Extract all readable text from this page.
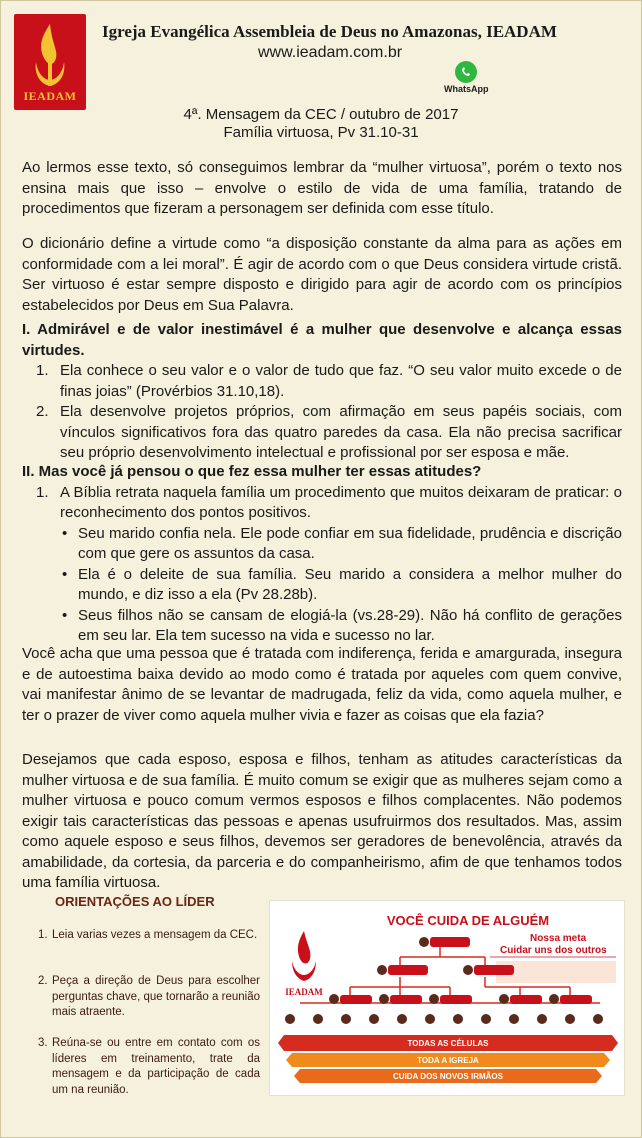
IEADAM
Igreja Evangélica Assembleia de Deus no Amazonas, IEADAM
www.ieadam.com.br
WhatsApp
4ª. Mensagem da CEC / outubro de 2017
Família virtuosa, Pv 31.10-31
Ao lermos esse texto, só conseguimos lembrar da “mulher virtuosa”, porém o texto nos ensina mais que isso – envolve o estilo de vida de uma família, tratando de procedimentos que fizeram a personagem ser definida com esse título.
O dicionário define a virtude como “a disposição constante da alma para as ações em conformidade com a lei moral”. É agir de acordo com o que Deus considera virtude cristã. Ser virtuoso é estar sempre disposto e dirigido para agir de acordo com os princípios estabelecidos por Deus em Sua Palavra.
I. Admirável e de valor inestimável é a mulher que desenvolve e alcança essas virtudes.
1. Ela conhece o seu valor e o valor de tudo que faz. “O seu valor muito excede o de finas joias” (Provérbios 31.10,18).
2. Ela desenvolve projetos próprios, com afirmação em seus papéis sociais, com vínculos significativos fora das quatro paredes da casa. Ela não precisa sacrificar seu próprio desenvolvimento intelectual e profissional por ser esposa e mãe.
II. Mas você já pensou o que fez essa mulher ter essas atitudes?
1. A Bíblia retrata naquela família um procedimento que muitos deixaram de praticar: o reconhecimento dos pontos positivos.
• Seu marido confia nela. Ele pode confiar em sua fidelidade, prudência e discrição com que gere os assuntos da casa.
• Ela é o deleite de sua família. Seu marido a considera a melhor mulher do mundo, e diz isso a ela (Pv 28.28b).
• Seus filhos não se cansam de elogiá-la (vs.28-29). Não há conflito de gerações em seu lar. Ela tem sucesso na vida e sucesso no lar.
Você acha que uma pessoa que é tratada com indiferença, ferida e amargurada, insegura e de autoestima baixa devido ao modo como é tratada por aqueles com quem convive, vai manifestar ânimo de se levantar de madrugada, feliz da vida, como aquela mulher, e ter o prazer de viver como aquela mulher vivia e fazer as coisas que ela fazia?
Desejamos que cada esposo, esposa e filhos, tenham as atitudes características da mulher virtuosa e de sua família. É muito comum se exigir que as mulheres sejam como a mulher virtuosa e pouco comum vermos esposos e filhos complacentes. Não podemos exigir tais características das pessoas e apenas usufruirmos dos resultados. Mas, assim como aquele esposo e seus filhos, devemos ser geradores de benevolência, através da amabilidade, da cortesia, da parceria e do companheirismo, afim de que tenhamos todos uma família virtuosa.
ORIENTAÇÕES AO LÍDER
1. Leia varias vezes a mensagem da CEC.
2. Peça a direção de Deus para escolher perguntas chave, que tornarão a reunião mais atraente.
3. Reúna-se ou entre em contato com os líderes em treinamento, trate da mensagem e da participação de cada um na reunião.
VOCÊ CUIDA DE ALGUÉM
IEADAM
Nossa meta
Cuidar uns dos outros
TODAS AS CÉLULAS
TODA A IGREJA
CUIDA DOS NOVOS IRMÃOS
